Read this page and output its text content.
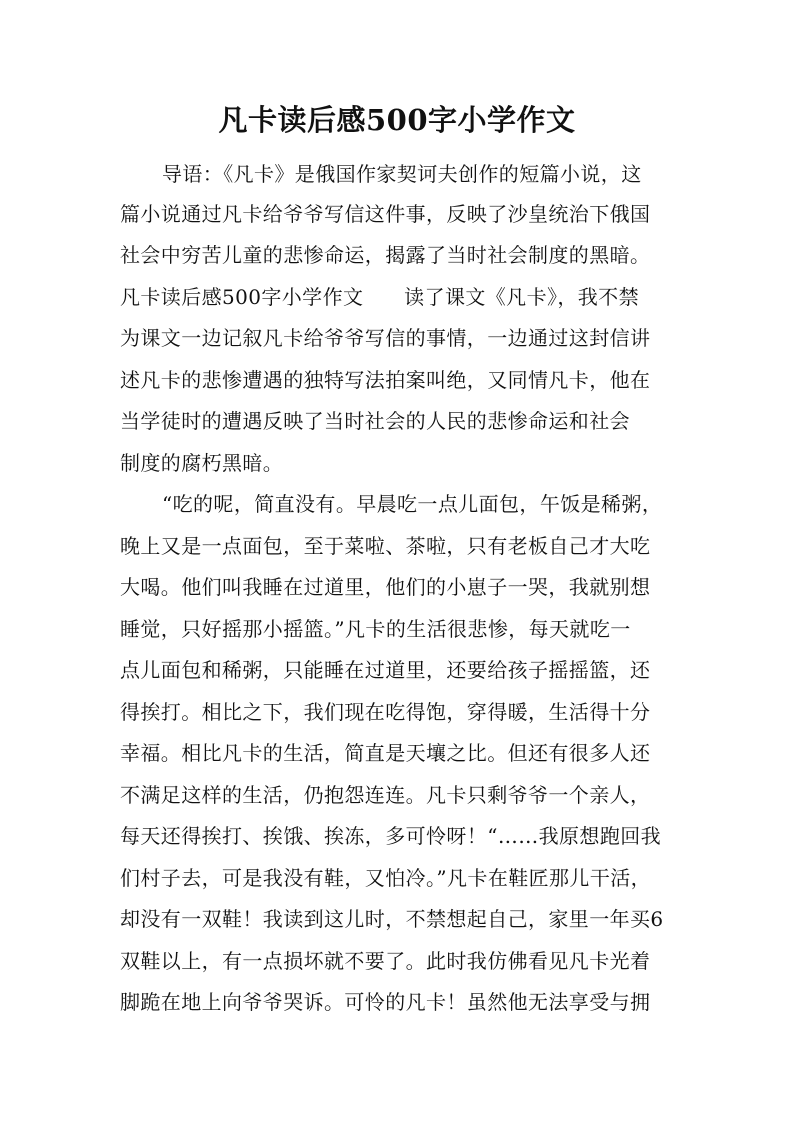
凡卡读后感500字小学作文
导语：《凡卡》是俄国作家契诃夫创作的短篇小说，这
篇小说通过凡卡给爷爷写信这件事，反映了沙皇统治下俄国
社会中穷苦儿童的悲惨命运，揭露了当时社会制度的黑暗。
凡卡读后感500字小学作文　　读了课文《凡卡》，我不禁
为课文一边记叙凡卡给爷爷写信的事情，一边通过这封信讲
述凡卡的悲惨遭遇的独特写法拍案叫绝，又同情凡卡，他在
当学徒时的遭遇反映了当时社会的人民的悲惨命运和社会
制度的腐朽黑暗。
“吃的呢，简直没有。早晨吃一点儿面包，午饭是稀粥，
晚上又是一点面包，至于菜啦、茶啦，只有老板自己才大吃
大喝。他们叫我睡在过道里，他们的小崽子一哭，我就别想
睡觉，只好摇那小摇篮。”凡卡的生活很悲惨，每天就吃一
点儿面包和稀粥，只能睡在过道里，还要给孩子摇摇篮，还
得挨打。相比之下，我们现在吃得饱，穿得暖，生活得十分
幸福。相比凡卡的生活，简直是天壤之比。但还有很多人还
不满足这样的生活，仍抱怨连连。凡卡只剩爷爷一个亲人，
每天还得挨打、挨饿、挨冻，多可怜呀！“……我原想跑回我
们村子去，可是我没有鞋，又怕冷。”凡卡在鞋匠那儿干活，
却没有一双鞋！我读到这儿时，不禁想起自己，家里一年买6
双鞋以上，有一点损坏就不要了。此时我仿佛看见凡卡光着
脚跪在地上向爷爷哭诉。可怜的凡卡！虽然他无法享受与拥
